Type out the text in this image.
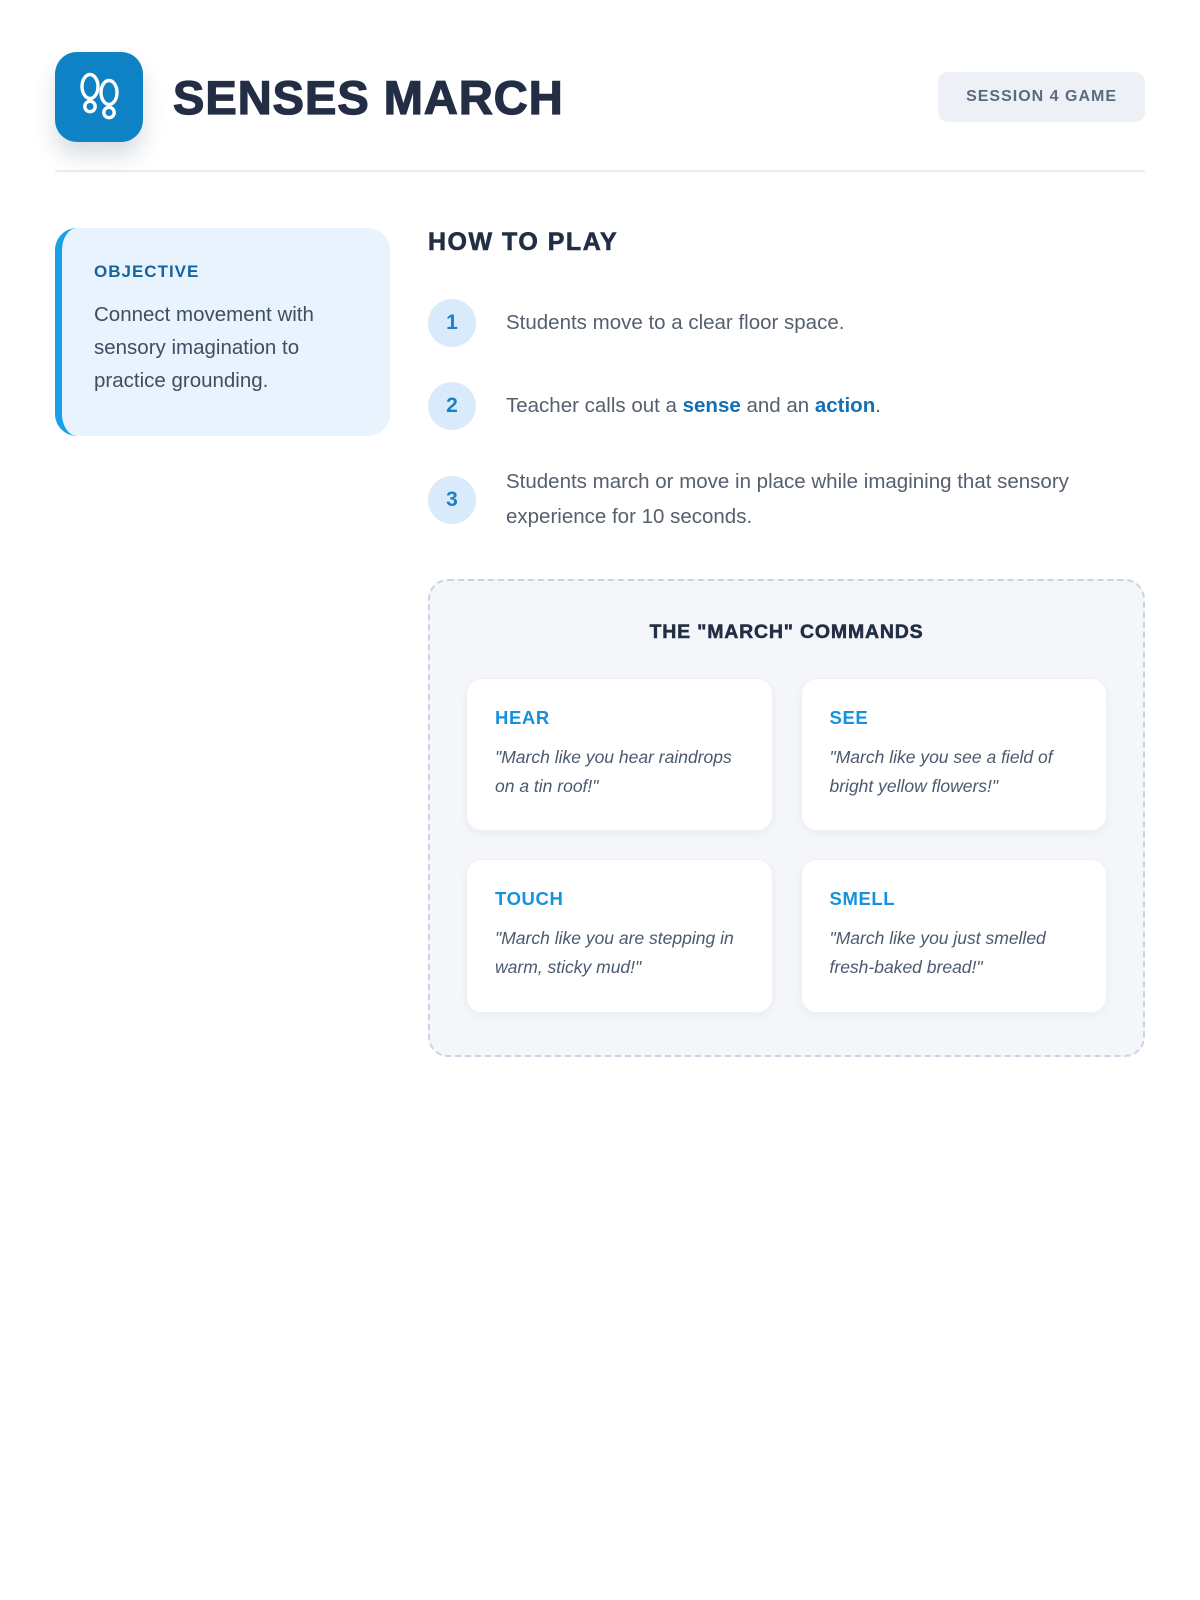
SENSES MARCH	SESSION 4 GAME
OBJECTIVE

Connect movement with sensory imagination to practice grounding.

HOW TO PLAY
1	Students move to a clear floor space.

2	Teacher calls out a sense and an action.

3

Students march or move in place while imagining that sensory experience for 10 seconds.

THE "MARCH" COMMANDS
HEAR

"March like you hear raindrops on a tin roof!"

SEE

"March like you see a field of bright yellow flowers!"

TOUCH

"March like you are stepping in warm, sticky mud!"

SMELL

"March like you just smelled fresh-baked bread!"
